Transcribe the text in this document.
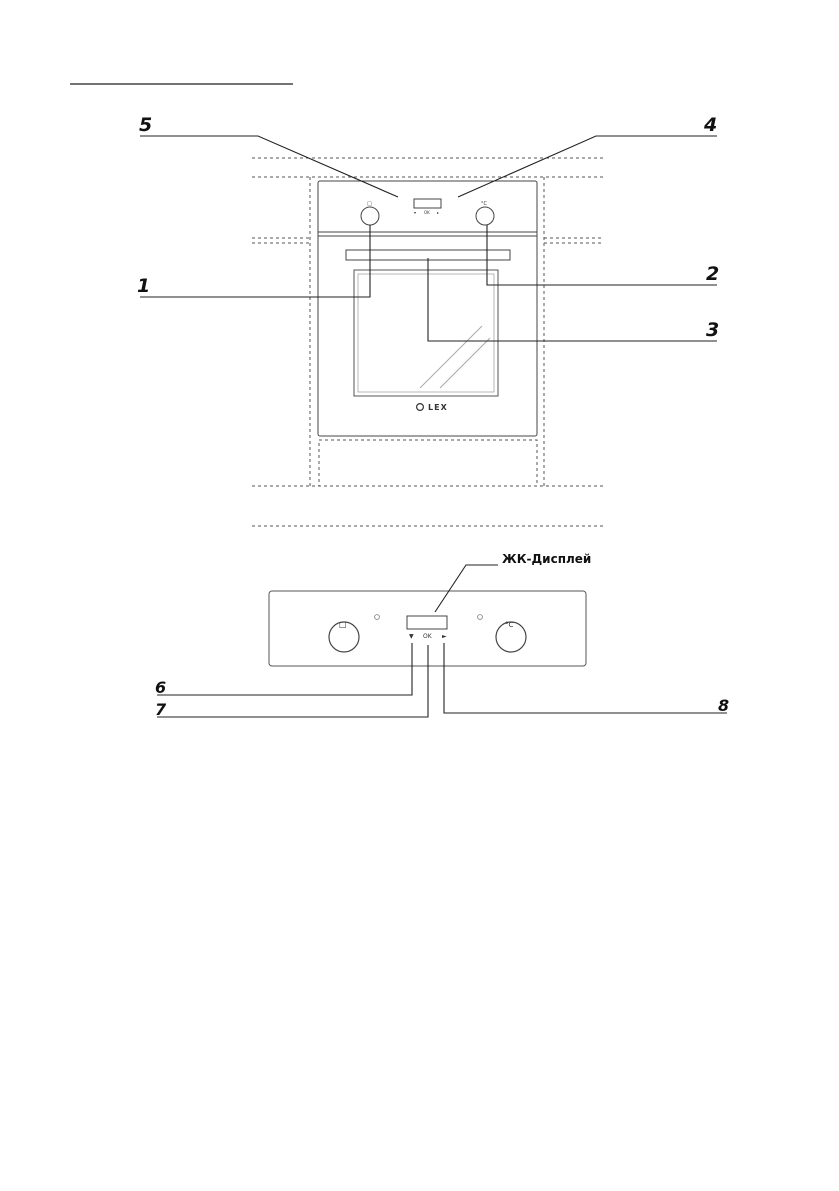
▾ OK ▸
□	°C
LEX
□	°C
▼ OK ►
5	4
1
2
3
6
7	8
ЖК-Дисплей
